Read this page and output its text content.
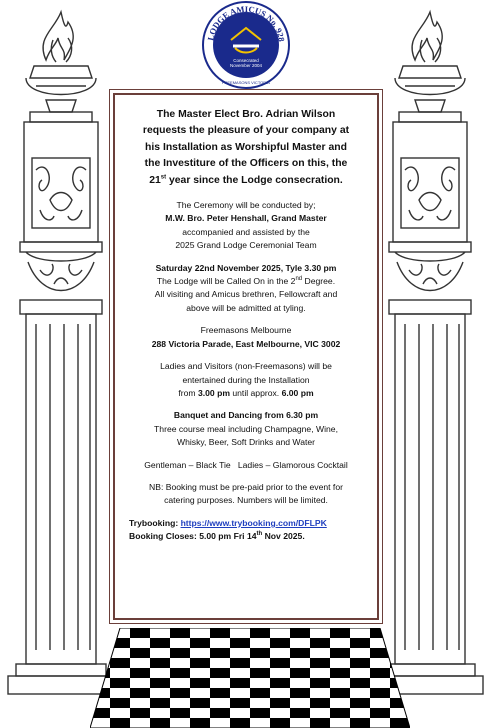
LODGE AMICUS No. 928
Consecrated
November 2004
FREEMASONS VICTORIA
The Master Elect Bro. Adrian Wilson
requests the pleasure of your company at
his Installation as Worshipful Master and
the Investiture of the Officers on this, the
21st year since the Lodge consecration.

The Ceremony will be conducted by;
M.W. Bro. Peter Henshall, Grand Master
accompanied and assisted by the
2025 Grand Lodge Ceremonial Team

Saturday 22nd November 2025, Tyle 3.30 pm
The Lodge will be Called On in the 2nd Degree.
All visiting and Amicus brethren, Fellowcraft and
above will be admitted at tyling.

Freemasons Melbourne
288 Victoria Parade, East Melbourne, VIC 3002

Ladies and Visitors (non-Freemasons) will be
entertained during the Installation
from 3.00 pm until approx. 6.00 pm

Banquet and Dancing from 6.30 pm
Three course meal including Champagne, Wine,
Whisky, Beer, Soft Drinks and Water

Gentleman – Black Tie   Ladies – Glamorous Cocktail

NB: Booking must be pre-paid prior to the event for
catering purposes. Numbers will be limited.

Trybooking: https://www.trybooking.com/DFLPK
Booking Closes: 5.00 pm Fri 14th Nov 2025.
